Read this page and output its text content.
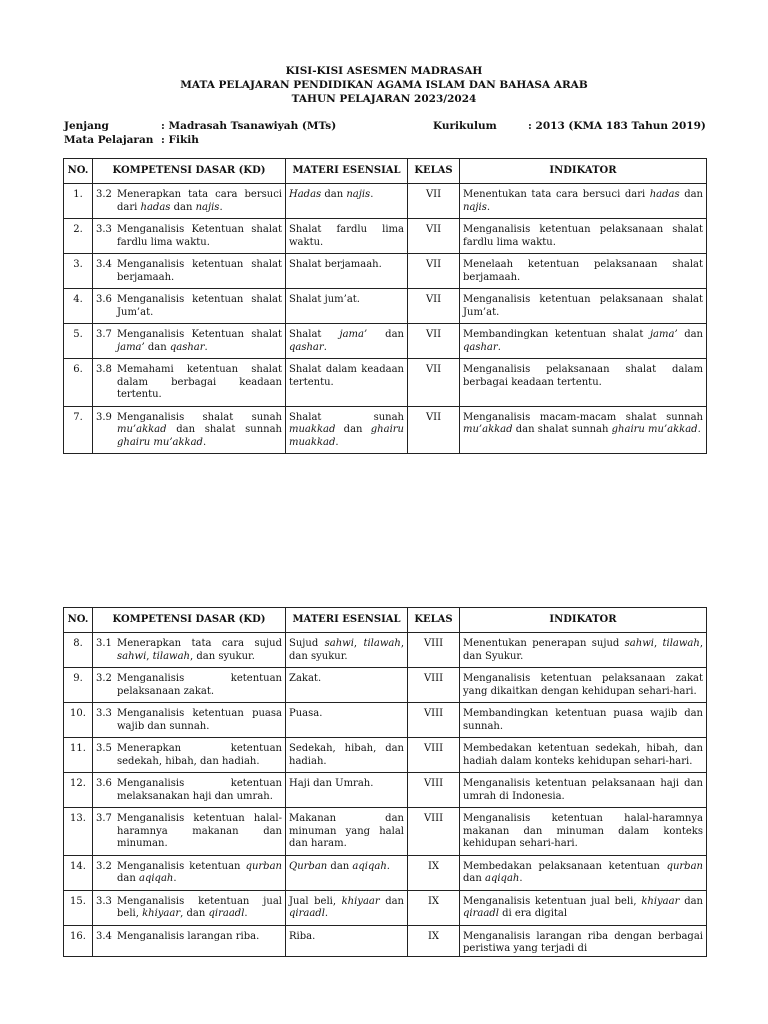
KISI-KISI ASESMEN MADRASAH
MATA PELAJARAN PENDIDIKAN AGAMA ISLAM DAN BAHASA ARAB
TAHUN PELAJARAN 2023/2024
Jenjang	: Madrasah Tsanawiyah (MTs)	Kurikulum	: 2013 (KMA 183 Tahun 2019)
Mata Pelajaran : Fikih
NO.	KOMPETENSI DASAR (KD)	MATERI ESENSIAL	KELAS	INDIKATOR
1.	3.2 Menerapkan tata cara bersuci dari hadas dan najis.	Hadas dan najis.	VII	Menentukan tata cara bersuci dari hadas dan najis.
2.	3.3 Menganalisis Ketentuan shalat fardlu lima waktu.	Shalat fardlu lima waktu.	VII	Menganalisis ketentuan pelaksanaan shalat fardlu lima waktu.
3.	3.4 Menganalisis ketentuan shalat berjamaah.	Shalat berjamaah.	VII	Menelaah ketentuan pelaksanaan shalat berjamaah.
4.	3.6 Menganalisis ketentuan shalat Jum’at.	Shalat jum’at.	VII	Menganalisis ketentuan pelaksanaan shalat Jum’at.
5.	3.7 Menganalisis Ketentuan shalat jama’ dan qashar.	Shalat jama’ dan qashar.	VII	Membandingkan ketentuan shalat jama’ dan qashar.
6.	3.8 Memahami ketentuan shalat dalam berbagai keadaan tertentu.	Shalat dalam keadaan tertentu.	VII	Menganalisis pelaksanaan shalat dalam berbagai keadaan tertentu.
7.	3.9 Menganalisis shalat sunah mu’akkad dan shalat sunnah ghairu mu’akkad.	Shalat sunah muakkad dan ghairu muakkad.	VII	Menganalisis macam-macam shalat sunnah mu’akkad dan shalat sunnah ghairu mu’akkad.
NO.	KOMPETENSI DASAR (KD)	MATERI ESENSIAL	KELAS	INDIKATOR
8.	3.1 Menerapkan tata cara sujud sahwi, tilawah, dan syukur.	Sujud sahwi, tilawah, dan syukur.	VIII	Menentukan penerapan sujud sahwi, tilawah, dan Syukur.
9.	3.2 Menganalisis ketentuan pelaksanaan zakat.	Zakat.	VIII	Menganalisis ketentuan pelaksanaan zakat yang dikaitkan dengan kehidupan sehari-hari.
10.	3.3 Menganalisis ketentuan puasa wajib dan sunnah.	Puasa.	VIII	Membandingkan ketentuan puasa wajib dan sunnah.
11.	3.5 Menerapkan ketentuan sedekah, hibah, dan hadiah.	Sedekah, hibah, dan hadiah.	VIII	Membedakan ketentuan sedekah, hibah, dan hadiah dalam konteks kehidupan sehari-hari.
12.	3.6 Menganalisis ketentuan melaksanakan haji dan umrah.	Haji dan Umrah.	VIII	Menganalisis ketentuan pelaksanaan haji dan umrah di Indonesia.
13.	3.7 Menganalisis ketentuan halal-haramnya makanan dan minuman.	Makanan dan minuman yang halal dan haram.	VIII	Menganalisis ketentuan halal-haramnya makanan dan minuman dalam konteks kehidupan sehari-hari.
14.	3.2 Menganalisis ketentuan qurban dan aqiqah.	Qurban dan aqiqah.	IX	Membedakan pelaksanaan ketentuan qurban dan aqiqah.
15.	3.3 Menganalisis ketentuan jual beli, khiyaar, dan qiraadl.	Jual beli, khiyaar dan qiraadl.	IX	Menganalisis ketentuan jual beli, khiyaar dan qiraadl di era digital
16.	3.4 Menganalisis larangan riba.	Riba.	IX	Menganalisis larangan riba dengan berbagai peristiwa yang terjadi di
